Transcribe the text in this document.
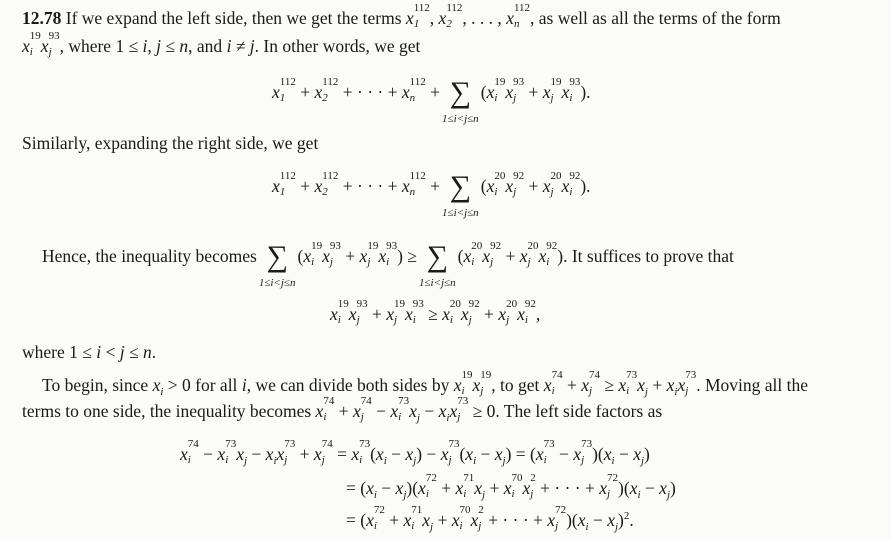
12.78 If we expand the left side, then we get the terms x 112
1 , x 112
2 , . . . , x 112
n , as well as all the terms of the form
x 19
i x 93
j , where 1 ≤ i, j ≤ n, and i ≠ j. In other words, we get
x 112
1 + x 112
2 + · · · + x 112
n + ∑
1≤i<j≤n
(x 19
i x 93
j + x 19
j x 93
i ).
Similarly, expanding the right side, we get
x 112
1 + x 112
2 + · · · + x 112
n + ∑
1≤i<j≤n
(x 20
i x 92
j + x 20
j x 92
i ).
Hence, the inequality becomes ∑
1≤i<j≤n
(x 19
i x 93
j + x 19
j x 93
i ) ≥ ∑
1≤i<j≤n
(x 20
i x 92
j + x 20
j x 92
i ). It suffices to prove that
x 19
i x 93
j + x 19
j x 93
i ≥ x 20
i x 92
j + x 20
j x 92
i ,
where 1 ≤ i < j ≤ n.
To begin, since $x_i > 0$ for all i, we can divide both sides by x 19
i x 19
j , to get x 74
i + x 74
j ≥ x 73
i $x_j + x_ix$ 73
j . Moving all the
terms to one side, the inequality becomes x 74
i + x 74
j − x 73
i $x_j - x_ix$ 73
j ≥ 0. The left side factors as
x 74
i − x 73
i $x_j - x_ix$ 73
j + x 74
j = x 73
i $(x_i - x_j) - x$ 73
j $(x_i - x_j) = (x$ 73
i − x 73
j )$(x_i - x_j)$
= $(x_i - x_j)(x$ 72
i + x 71
i $x_j + x$ 70
i x 2
j + · · · + x 72
j )$(x_i - x_j)$
= (x 72
i + x 71
i $x_j + x$ 70
i x 2
j + · · · + x 72
j )$(x_i - x_j)^2$.
